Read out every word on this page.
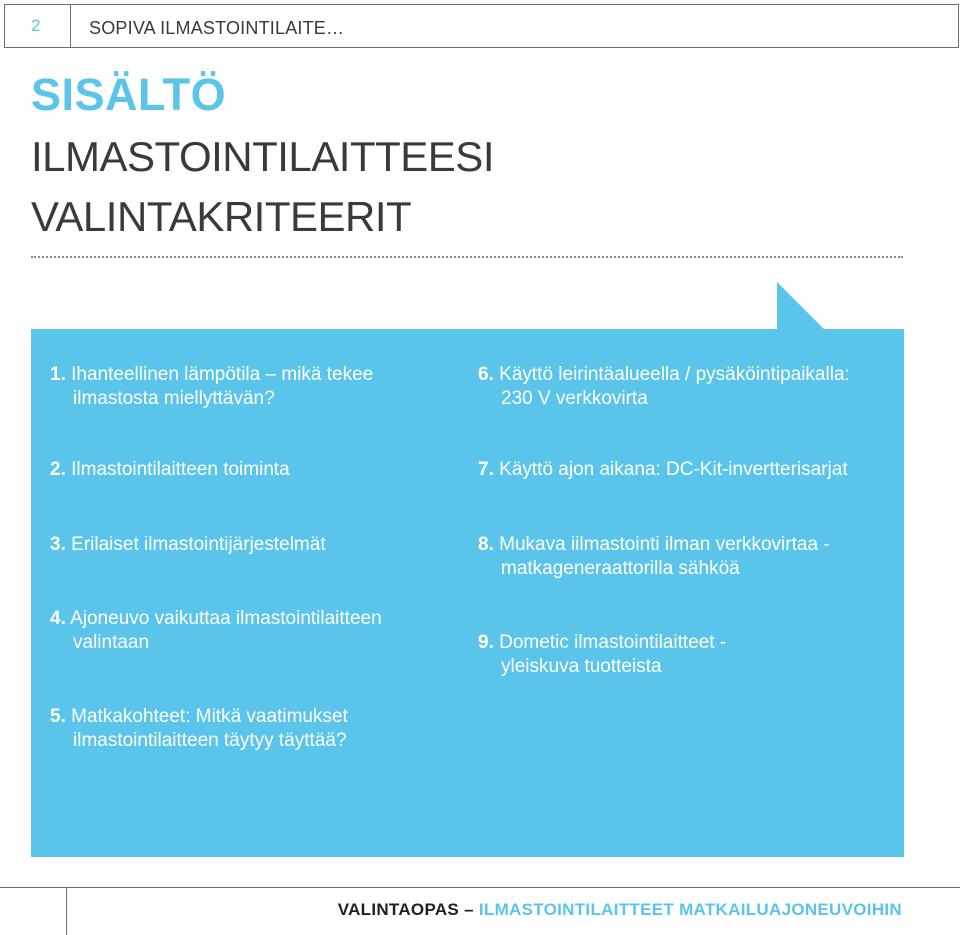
2	SOPIVA ILMASTOINTILAITE…
SISÄLTÖ
ILMASTOINTILAITTEESI
VALINTAKRITEERIT
1. Ihanteellinen lämpötila – mikä tekee
ilmastosta miellyttävän?
2. Ilmastointilaitteen toiminta
3. Erilaiset ilmastointijärjestelmät
4. Ajoneuvo vaikuttaa ilmastointilaitteen
valintaan
5. Matkakohteet: Mitkä vaatimukset
ilmastointilaitteen täytyy täyttää?
6. Käyttö leirintäalueella / pysäköintipaikalla:
230 V verkkovirta
7. Käyttö ajon aikana: DC-Kit-invertterisarjat
8. Mukava iilmastointi ilman verkkovirtaa -
matkageneraattorilla sähköä
9. Dometic ilmastointilaitteet -
yleiskuva tuotteista
VALINTAOPAS – ILMASTOINTILAITTEET MATKAILUAJONEUVOIHIN
